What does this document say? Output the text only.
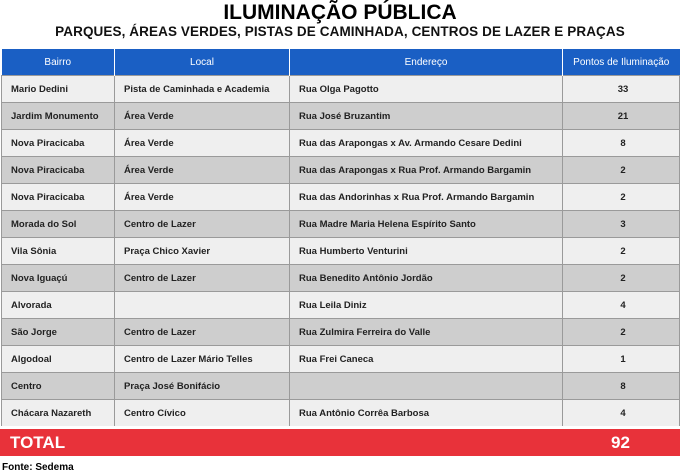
ILUMINAÇÃO PÚBLICA
PARQUES, ÁREAS VERDES, PISTAS DE CAMINHADA, CENTROS DE LAZER E PRAÇAS
Bairro	Local	Endereço	Pontos de Iluminação
Mario Dedini	Pista de Caminhada e Academia	Rua Olga Pagotto	33
Jardim Monumento	Área Verde	Rua José Bruzantim	21
Nova Piracicaba	Área Verde	Rua das Arapongas x Av. Armando Cesare Dedini	8
Nova Piracicaba	Área Verde	Rua das Arapongas x Rua Prof. Armando Bargamin	2
Nova Piracicaba	Área Verde	Rua das Andorinhas x Rua Prof. Armando Bargamin	2
Morada do Sol	Centro de Lazer	Rua Madre Maria Helena Espírito Santo	3
Vila Sônia	Praça Chico Xavier	Rua Humberto Venturini	2
Nova Iguaçú	Centro de Lazer	Rua Benedito Antônio Jordão	2
Alvorada		Rua Leila Diniz	4
São Jorge	Centro de Lazer	Rua Zulmira Ferreira do Valle	2
Algodoal	Centro de Lazer Mário Telles	Rua Frei Caneca	1
Centro	Praça José Bonifácio		8
Chácara Nazareth	Centro Cívico	Rua Antônio Corrêa Barbosa	4
TOTAL	92
Fonte: Sedema
